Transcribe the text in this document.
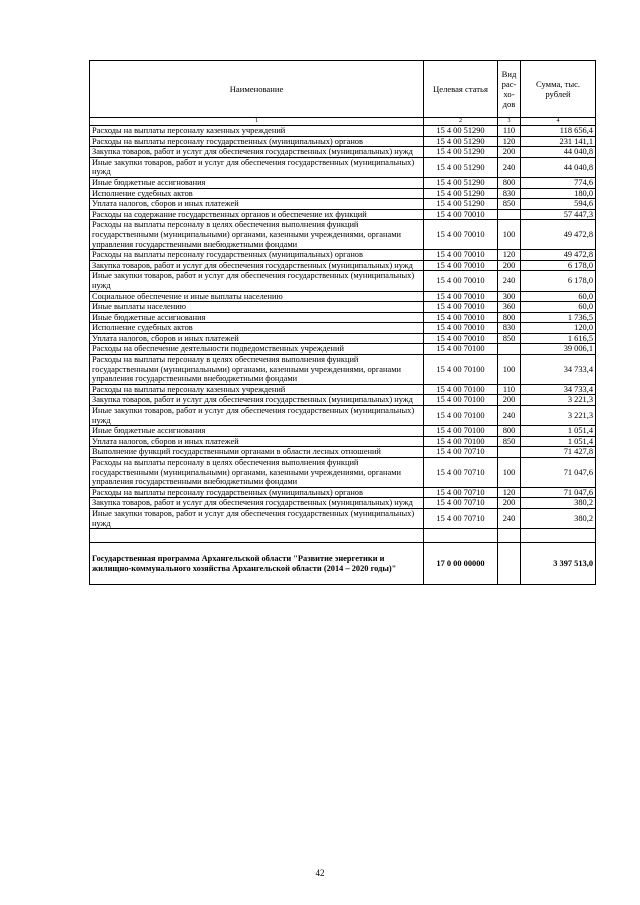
Наименование	Целевая статья	Вид рас-хо-дов	Сумма, тыс. рублей
1	2	3	4
Расходы на выплаты персоналу казенных учреждений	15 4 00 51290	110	118 656,4
Расходы на выплаты персоналу государственных (муниципальных) органов	15 4 00 51290	120	231 141,1
Закупка товаров, работ и услуг для обеспечения государственных (муниципальных) нужд	15 4 00 51290	200	44 040,8
Иные закупки товаров, работ и услуг для обеспечения государственных (муниципальных) нужд	15 4 00 51290	240	44 040,8
Иные бюджетные ассигнования	15 4 00 51290	800	774,6
Исполнение судебных актов	15 4 00 51290	830	180,0
Уплата налогов, сборов и иных платежей	15 4 00 51290	850	594,6
Расходы на содержание государственных органов и обеспечение их функций	15 4 00 70010		57 447,3
Расходы на выплаты персоналу в целях обеспечения выполнения функций государственными (муниципальными) органами, казенными учреждениями, органами управления государственными внебюджетными фондами	15 4 00 70010	100	49 472,8
Расходы на выплаты персоналу государственных (муниципальных) органов	15 4 00 70010	120	49 472,8
Закупка товаров, работ и услуг для обеспечения государственных (муниципальных) нужд	15 4 00 70010	200	6 178,0
Иные закупки товаров, работ и услуг для обеспечения государственных (муниципальных) нужд	15 4 00 70010	240	6 178,0
Социальное обеспечение и иные выплаты населению	15 4 00 70010	300	60,0
Иные выплаты населению	15 4 00 70010	360	60,0
Иные бюджетные ассигнования	15 4 00 70010	800	1 736,5
Исполнение судебных актов	15 4 00 70010	830	120,0
Уплата налогов, сборов и иных платежей	15 4 00 70010	850	1 616,5
Расходы на обеспечение деятельности подведомственных учреждений	15 4 00 70100		39 006,1
Расходы на выплаты персоналу в целях обеспечения выполнения функций государственными (муниципальными) органами, казенными учреждениями, органами управления государственными внебюджетными фондами	15 4 00 70100	100	34 733,4
Расходы на выплаты персоналу казенных учреждений	15 4 00 70100	110	34 733,4
Закупка товаров, работ и услуг для обеспечения государственных (муниципальных) нужд	15 4 00 70100	200	3 221,3
Иные закупки товаров, работ и услуг для обеспечения государственных (муниципальных) нужд	15 4 00 70100	240	3 221,3
Иные бюджетные ассигнования	15 4 00 70100	800	1 051,4
Уплата налогов, сборов и иных платежей	15 4 00 70100	850	1 051,4
Выполнение функций государственными органами в области лесных отношений	15 4 00 70710		71 427,8
Расходы на выплаты персоналу в целях обеспечения выполнения функций государственными (муниципальными) органами, казенными учреждениями, органами управления государственными внебюджетными фондами	15 4 00 70710	100	71 047,6
Расходы на выплаты персоналу государственных (муниципальных) органов	15 4 00 70710	120	71 047,6
Закупка товаров, работ и услуг для обеспечения государственных (муниципальных) нужд	15 4 00 70710	200	380,2
Иные закупки товаров, работ и услуг для обеспечения государственных (муниципальных) нужд	15 4 00 70710	240	380,2

Государственная программа Архангельской области "Развитие энергетики и жилищно-коммунального хозяйства Архангельской области (2014 – 2020 годы)"	17 0 00 00000		3 397 513,0
42
